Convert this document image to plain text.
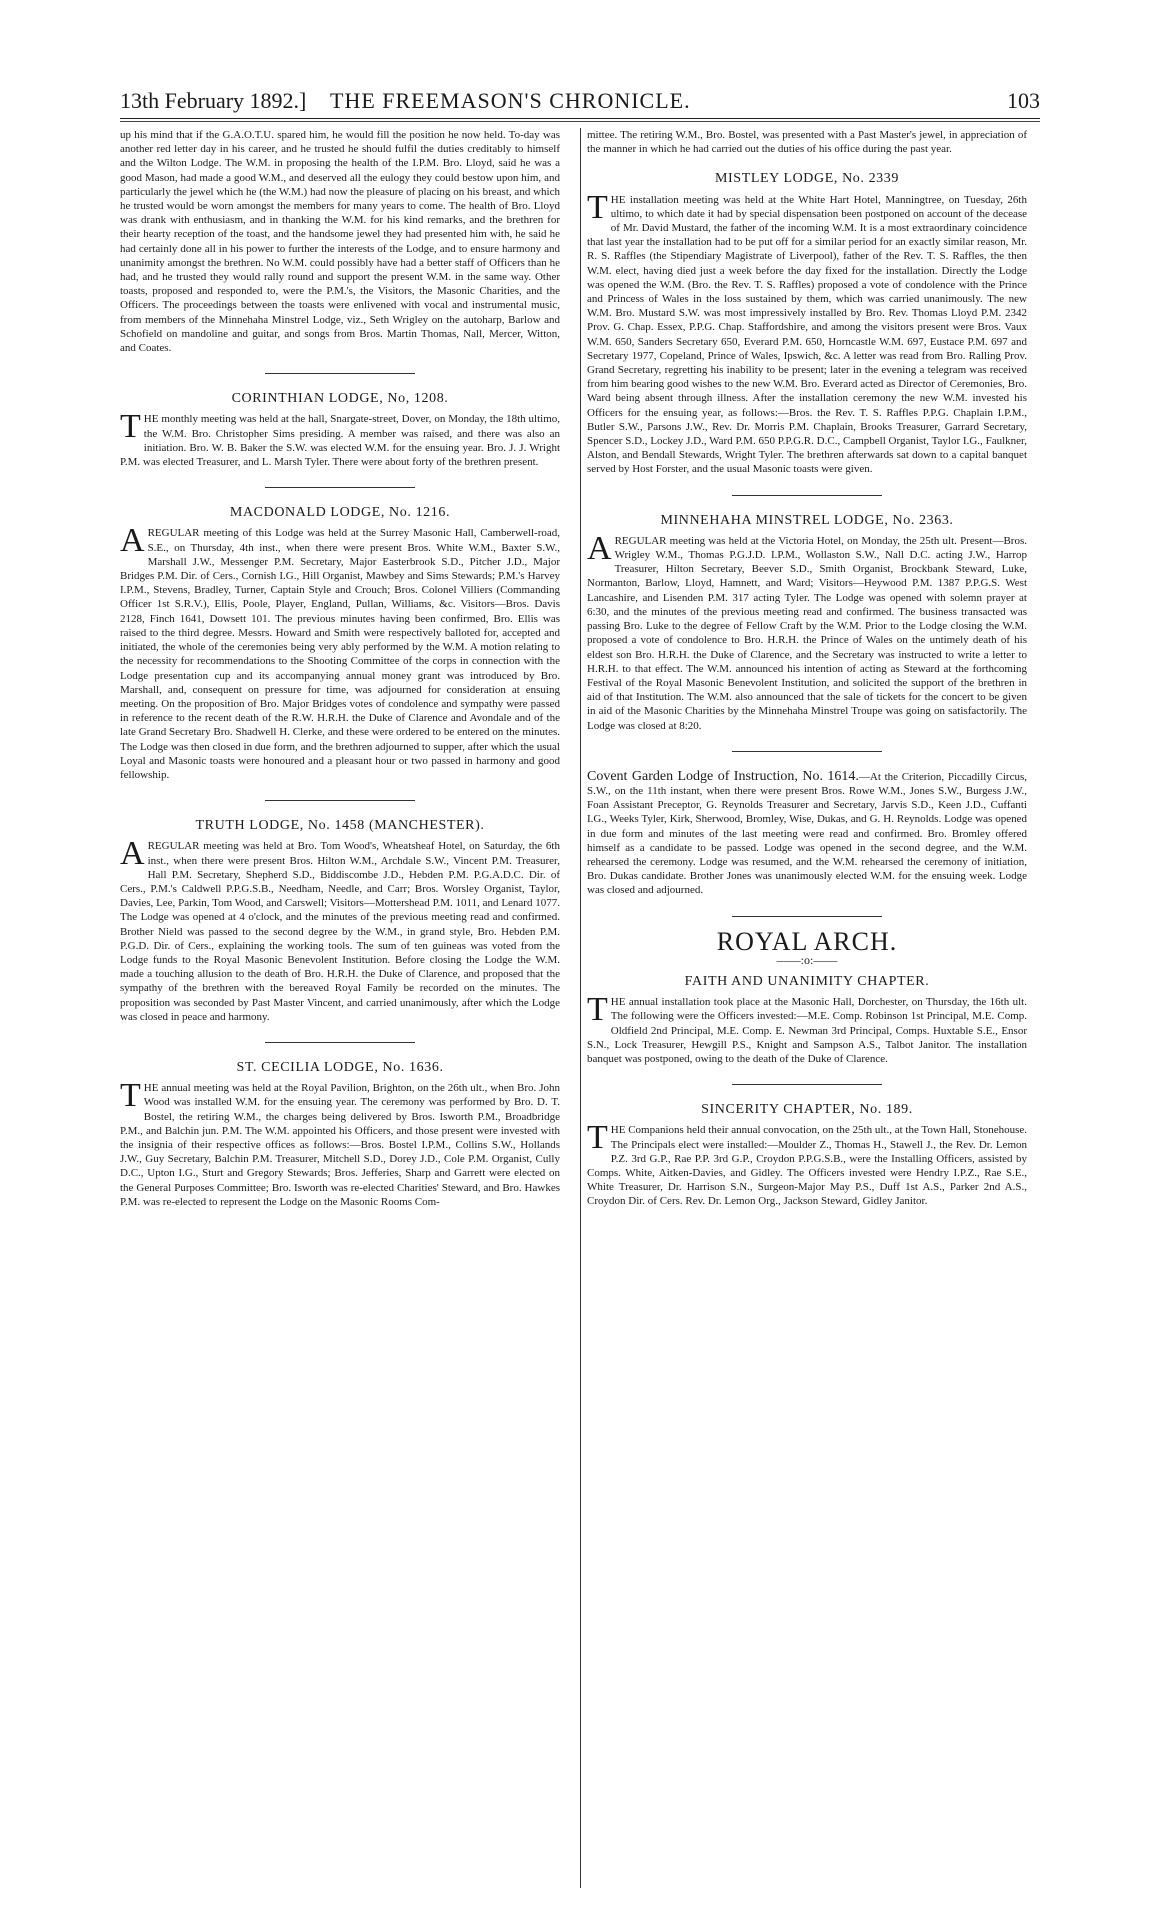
13th February 1892.] THE FREEMASON'S CHRONICLE.	103

up his mind that if the G.A.O.T.U. spared him, he would fill the position he now held. To-day was another red letter day in his career, and he trusted he should fulfil the duties creditably to himself and the Wilton Lodge. The W.M. in proposing the health of the I.P.M. Bro. Lloyd, said he was a good Mason, had made a good W.M., and deserved all the eulogy they could bestow upon him, and particularly the jewel which he (the W.M.) had now the pleasure of placing on his breast, and which he trusted would be worn amongst the members for many years to come. The health of Bro. Lloyd was drank with enthusiasm, and in thanking the W.M. for his kind remarks, and the brethren for their hearty reception of the toast, and the handsome jewel they had presented him with, he said he had certainly done all in his power to further the interests of the Lodge, and to ensure harmony and unanimity amongst the brethren. No W.M. could possibly have had a better staff of Officers than he had, and he trusted they would rally round and support the present W.M. in the same way. Other toasts, proposed and responded to, were the P.M.'s, the Visitors, the Masonic Charities, and the Officers. The proceedings between the toasts were enlivened with vocal and instrumental music, from members of the Minnehaha Minstrel Lodge, viz., Seth Wrigley on the autoharp, Barlow and Schofield on mandoline and guitar, and songs from Bros. Martin Thomas, Nall, Mercer, Witton, and Coates.

CORINTHIAN LODGE, No, 1208.

THE monthly meeting was held at the hall, Snargate-street, Dover, on Monday, the 18th ultimo, the W.M. Bro. Christopher Sims presiding. A member was raised, and there was also an initiation. Bro. W. B. Baker the S.W. was elected W.M. for the ensuing year. Bro. J. J. Wright P.M. was elected Treasurer, and L. Marsh Tyler. There were about forty of the brethren present.

MACDONALD LODGE, No. 1216.

AREGULAR meeting of this Lodge was held at the Surrey Masonic Hall, Camberwell-road, S.E., on Thursday, 4th inst., when there were present Bros. White W.M., Baxter S.W., Marshall J.W., Messenger P.M. Secretary, Major Easterbrook S.D., Pitcher J.D., Major Bridges P.M. Dir. of Cers., Cornish I.G., Hill Organist, Mawbey and Sims Stewards; P.M.'s Harvey I.P.M., Stevens, Bradley, Turner, Captain Style and Crouch; Bros. Colonel Villiers (Commanding Officer 1st S.R.V.), Ellis, Poole, Player, England, Pullan, Williams, &c. Visitors—Bros. Davis 2128, Finch 1641, Dowsett 101. The previous minutes having been confirmed, Bro. Ellis was raised to the third degree. Messrs. Howard and Smith were respectively balloted for, accepted and initiated, the whole of the ceremonies being very ably performed by the W.M. A motion relating to the necessity for recommendations to the Shooting Committee of the corps in connection with the Lodge presentation cup and its accompanying annual money grant was introduced by Bro. Marshall, and, consequent on pressure for time, was adjourned for consideration at ensuing meeting. On the proposition of Bro. Major Bridges votes of condolence and sympathy were passed in reference to the recent death of the R.W. H.R.H. the Duke of Clarence and Avondale and of the late Grand Secretary Bro. Shadwell H. Clerke, and these were ordered to be entered on the minutes. The Lodge was then closed in due form, and the brethren adjourned to supper, after which the usual Loyal and Masonic toasts were honoured and a pleasant hour or two passed in harmony and good fellowship.

TRUTH LODGE, No. 1458 (MANCHESTER).

AREGULAR meeting was held at Bro. Tom Wood's, Wheatsheaf Hotel, on Saturday, the 6th inst., when there were present Bros. Hilton W.M., Archdale S.W., Vincent P.M. Treasurer, Hall P.M. Secretary, Shepherd S.D., Biddiscombe J.D., Hebden P.M. P.G.A.D.C. Dir. of Cers., P.M.'s Caldwell P.P.G.S.B., Needham, Needle, and Carr; Bros. Worsley Organist, Taylor, Davies, Lee, Parkin, Tom Wood, and Carswell; Visitors—Mottershead P.M. 1011, and Lenard 1077. The Lodge was opened at 4 o'clock, and the minutes of the previous meeting read and confirmed. Brother Nield was passed to the second degree by the W.M., in grand style, Bro. Hebden P.M. P.G.D. Dir. of Cers., explaining the working tools. The sum of ten guineas was voted from the Lodge funds to the Royal Masonic Benevolent Institution. Before closing the Lodge the W.M. made a touching allusion to the death of Bro. H.R.H. the Duke of Clarence, and proposed that the sympathy of the brethren with the bereaved Royal Family be recorded on the minutes. The proposition was seconded by Past Master Vincent, and carried unanimously, after which the Lodge was closed in peace and harmony.

ST. CECILIA LODGE, No. 1636.

THE annual meeting was held at the Royal Pavilion, Brighton, on the 26th ult., when Bro. John Wood was installed W.M. for the ensuing year. The ceremony was performed by Bro. D. T. Bostel, the retiring W.M., the charges being delivered by Bros. Isworth P.M., Broadbridge P.M., and Balchin jun. P.M. The W.M. appointed his Officers, and those present were invested with the insignia of their respective offices as follows:—Bros. Bostel I.P.M., Collins S.W., Hollands J.W., Guy Secretary, Balchin P.M. Treasurer, Mitchell S.D., Dorey J.D., Cole P.M. Organist, Cully D.C., Upton I.G., Sturt and Gregory Stewards; Bros. Jefferies, Sharp and Garrett were elected on the General Purposes Committee; Bro. Isworth was re-elected Charities' Steward, and Bro. Hawkes P.M. was re-elected to represent the Lodge on the Masonic Rooms Com-

mittee. The retiring W.M., Bro. Bostel, was presented with a Past Master's jewel, in appreciation of the manner in which he had carried out the duties of his office during the past year.

MISTLEY LODGE, No. 2339

THE installation meeting was held at the White Hart Hotel, Manningtree, on Tuesday, 26th ultimo, to which date it had by special dispensation been postponed on account of the decease of Mr. David Mustard, the father of the incoming W.M. It is a most extraordinary coincidence that last year the installation had to be put off for a similar period for an exactly similar reason, Mr. R. S. Raffles (the Stipendiary Magistrate of Liverpool), father of the Rev. T. S. Raffles, the then W.M. elect, having died just a week before the day fixed for the installation. Directly the Lodge was opened the W.M. (Bro. the Rev. T. S. Raffles) proposed a vote of condolence with the Prince and Princess of Wales in the loss sustained by them, which was carried unanimously. The new W.M. Bro. Mustard S.W. was most impressively installed by Bro. Rev. Thomas Lloyd P.M. 2342 Prov. G. Chap. Essex, P.P.G. Chap. Staffordshire, and among the visitors present were Bros. Vaux W.M. 650, Sanders Secretary 650, Everard P.M. 650, Horncastle W.M. 697, Eustace P.M. 697 and Secretary 1977, Copeland, Prince of Wales, Ipswich, &c. A letter was read from Bro. Ralling Prov. Grand Secretary, regretting his inability to be present; later in the evening a telegram was received from him bearing good wishes to the new W.M. Bro. Everard acted as Director of Ceremonies, Bro. Ward being absent through illness. After the installation ceremony the new W.M. invested his Officers for the ensuing year, as follows:—Bros. the Rev. T. S. Raffles P.P.G. Chaplain I.P.M., Butler S.W., Parsons J.W., Rev. Dr. Morris P.M. Chaplain, Brooks Treasurer, Garrard Secretary, Spencer S.D., Lockey J.D., Ward P.M. 650 P.P.G.R. D.C., Campbell Organist, Taylor I.G., Faulkner, Alston, and Bendall Stewards, Wright Tyler. The brethren afterwards sat down to a capital banquet served by Host Forster, and the usual Masonic toasts were given.

MINNEHAHA MINSTREL LODGE, No. 2363.

AREGULAR meeting was held at the Victoria Hotel, on Monday, the 25th ult. Present—Bros. Wrigley W.M., Thomas P.G.J.D. I.P.M., Wollaston S.W., Nall D.C. acting J.W., Harrop Treasurer, Hilton Secretary, Beever S.D., Smith Organist, Brockbank Steward, Luke, Normanton, Barlow, Lloyd, Hamnett, and Ward; Visitors—Heywood P.M. 1387 P.P.G.S. West Lancashire, and Lisenden P.M. 317 acting Tyler. The Lodge was opened with solemn prayer at 6:30, and the minutes of the previous meeting read and confirmed. The business transacted was passing Bro. Luke to the degree of Fellow Craft by the W.M. Prior to the Lodge closing the W.M. proposed a vote of condolence to Bro. H.R.H. the Prince of Wales on the untimely death of his eldest son Bro. H.R.H. the Duke of Clarence, and the Secretary was instructed to write a letter to H.R.H. to that effect. The W.M. announced his intention of acting as Steward at the forthcoming Festival of the Royal Masonic Benevolent Institution, and solicited the support of the brethren in aid of that Institution. The W.M. also announced that the sale of tickets for the concert to be given in aid of the Masonic Charities by the Minnehaha Minstrel Troupe was going on satisfactorily. The Lodge was closed at 8:20.

Covent Garden Lodge of Instruction, No. 1614.—At the Criterion, Piccadilly Circus, S.W., on the 11th instant, when there were present Bros. Rowe W.M., Jones S.W., Burgess J.W., Foan Assistant Preceptor, G. Reynolds Treasurer and Secretary, Jarvis S.D., Keen J.D., Cuffanti I.G., Weeks Tyler, Kirk, Sherwood, Bromley, Wise, Dukas, and G. H. Reynolds. Lodge was opened in due form and minutes of the last meeting were read and confirmed. Bro. Bromley offered himself as a candidate to be passed. Lodge was opened in the second degree, and the W.M. rehearsed the ceremony. Lodge was resumed, and the W.M. rehearsed the ceremony of initiation, Bro. Dukas candidate. Brother Jones was unanimously elected W.M. for the ensuing week. Lodge was closed and adjourned.

ROYAL ARCH.
——:o:——
FAITH AND UNANIMITY CHAPTER.

THE annual installation took place at the Masonic Hall, Dorchester, on Thursday, the 16th ult. The following were the Officers invested:—M.E. Comp. Robinson 1st Principal, M.E. Comp. Oldfield 2nd Principal, M.E. Comp. E. Newman 3rd Principal, Comps. Huxtable S.E., Ensor S.N., Lock Treasurer, Hewgill P.S., Knight and Sampson A.S., Talbot Janitor. The installation banquet was postponed, owing to the death of the Duke of Clarence.

SINCERITY CHAPTER, No. 189.

THE Companions held their annual convocation, on the 25th ult., at the Town Hall, Stonehouse. The Principals elect were installed:—Moulder Z., Thomas H., Stawell J., the Rev. Dr. Lemon P.Z. 3rd G.P., Rae P.P. 3rd G.P., Croydon P.P.G.S.B., were the Installing Officers, assisted by Comps. White, Aitken-Davies, and Gidley. The Officers invested were Hendry I.P.Z., Rae S.E., White Treasurer, Dr. Harrison S.N., Surgeon-Major May P.S., Duff 1st A.S., Parker 2nd A.S., Croydon Dir. of Cers. Rev. Dr. Lemon Org., Jackson Steward, Gidley Janitor.
